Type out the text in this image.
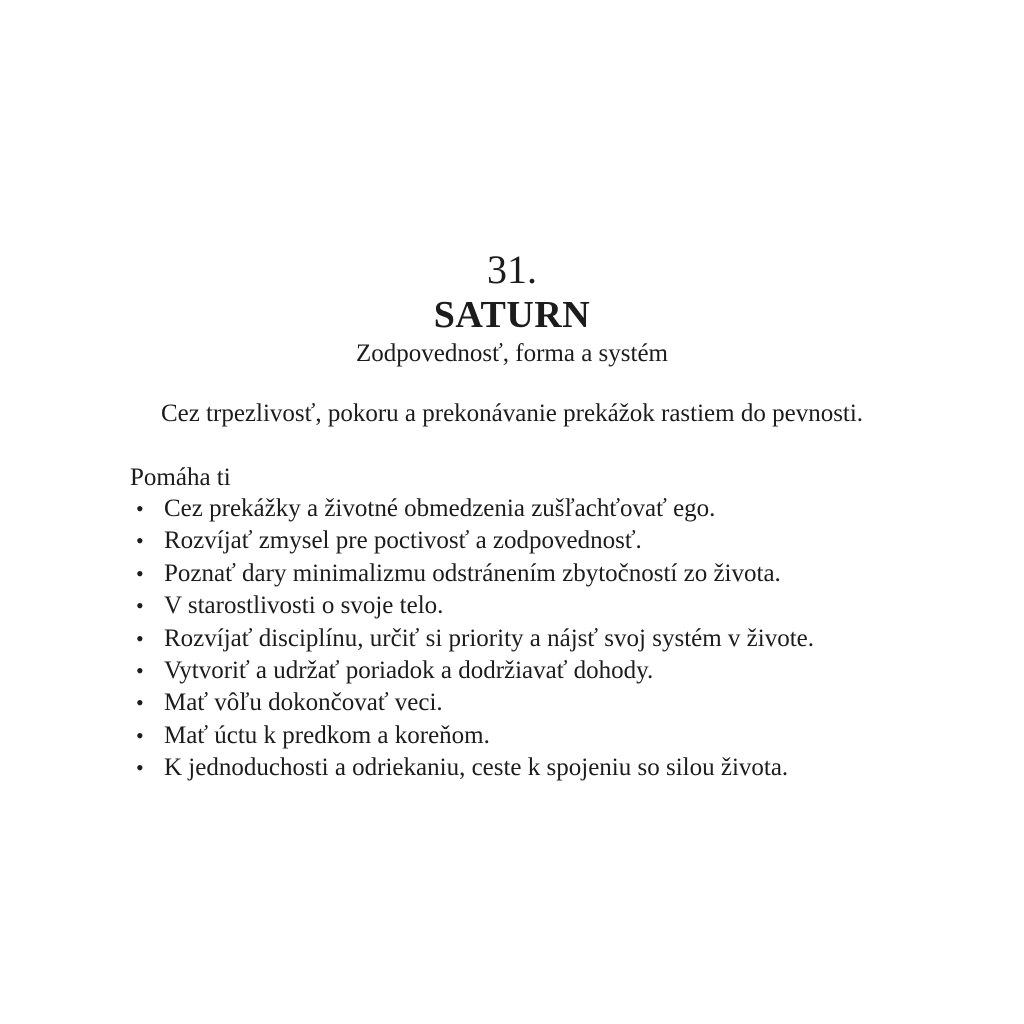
31.
SATURN
Zodpovednosť, forma a systém
Cez trpezlivosť, pokoru a prekonávanie prekážok rastiem do pevnosti.
Pomáha ti
• Cez prekážky a životné obmedzenia zušľachťovať ego.
• Rozvíjať zmysel pre poctivosť a zodpovednosť.
• Poznať dary minimalizmu odstránením zbytočností zo života.
• V starostlivosti o svoje telo.
• Rozvíjať disciplínu, určiť si priority a nájsť svoj systém v živote.
• Vytvoriť a udržať poriadok a dodržiavať dohody.
• Mať vôľu dokončovať veci.
• Mať úctu k predkom a koreňom.
• K jednoduchosti a odriekaniu, ceste k spojeniu so silou života.
